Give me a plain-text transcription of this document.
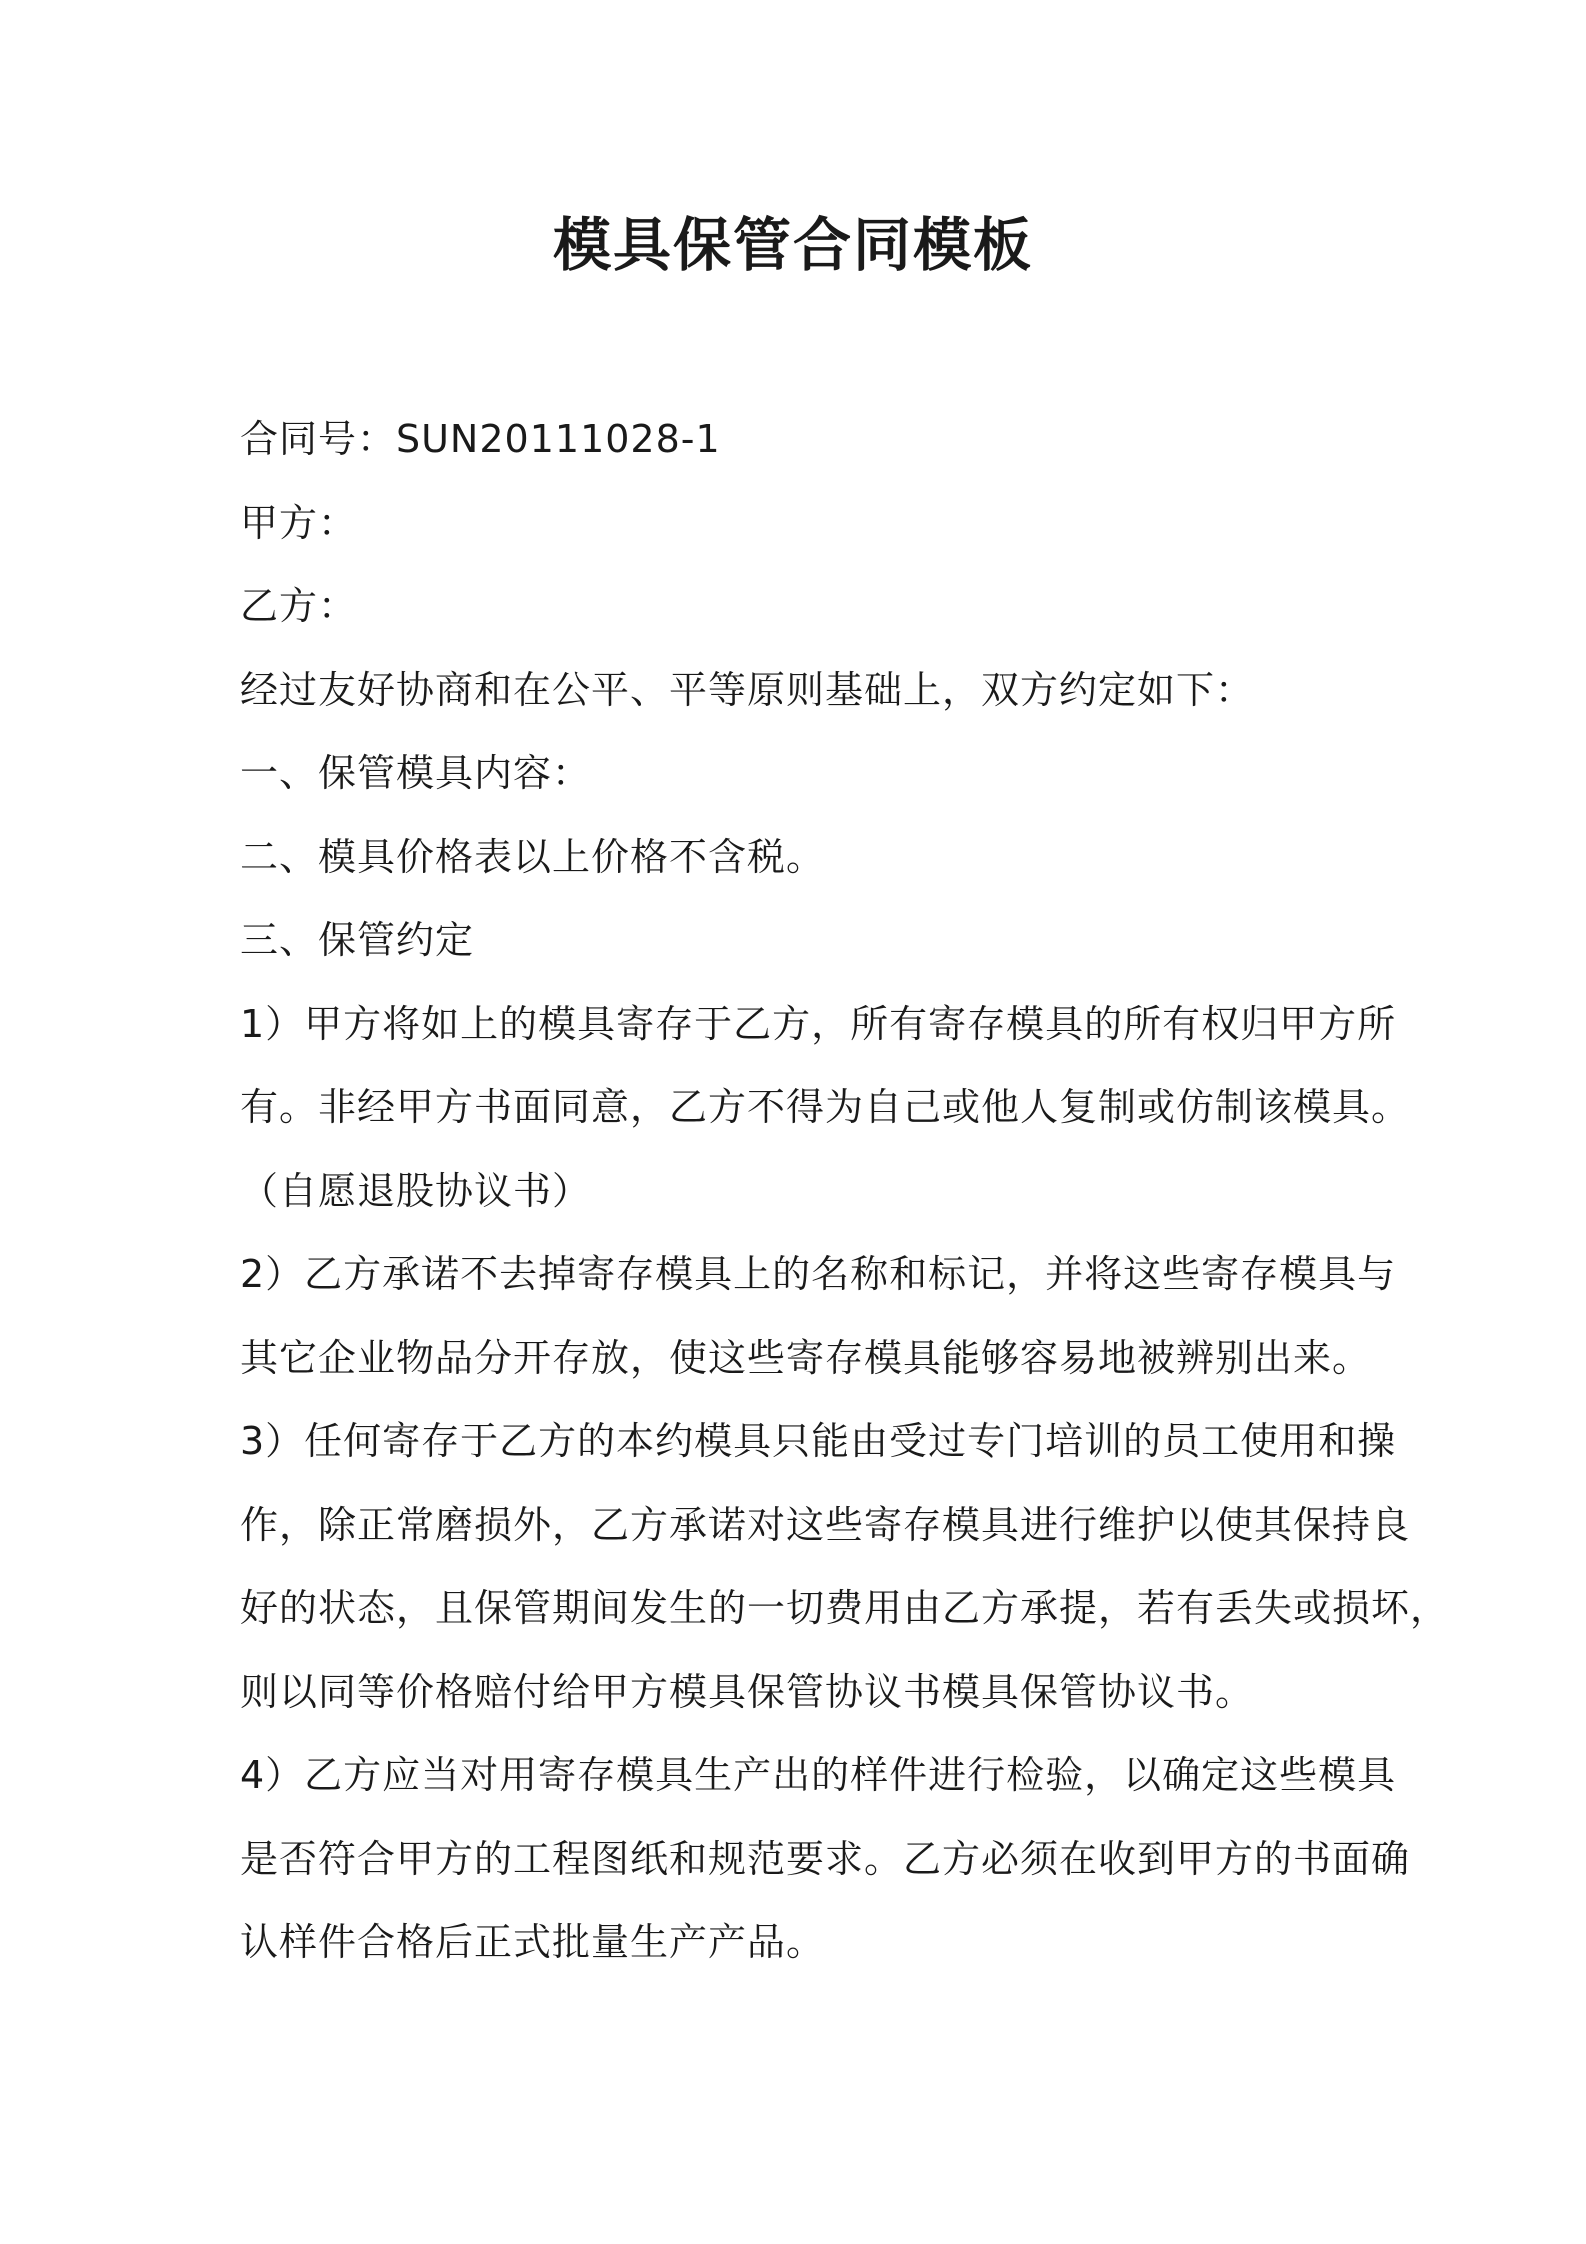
模具保管合同模板

合同号：SUN20111028-1

甲方：

乙方：

经过友好协商和在公平、平等原则基础上，双方约定如下：

一、保管模具内容：

二、模具价格表以上价格不含税。

三、保管约定

1）甲方将如上的模具寄存于乙方，所有寄存模具的所有权归甲方所

有。非经甲方书面同意，乙方不得为自己或他人复制或仿制该模具。

（自愿退股协议书）

2）乙方承诺不去掉寄存模具上的名称和标记，并将这些寄存模具与

其它企业物品分开存放，使这些寄存模具能够容易地被辨别出来。

3）任何寄存于乙方的本约模具只能由受过专门培训的员工使用和操

作，除正常磨损外，乙方承诺对这些寄存模具进行维护以使其保持良

好的状态，且保管期间发生的一切费用由乙方承提，若有丢失或损坏，

则以同等价格赔付给甲方模具保管协议书模具保管协议书。

4）乙方应当对用寄存模具生产出的样件进行检验，以确定这些模具

是否符合甲方的工程图纸和规范要求。乙方必须在收到甲方的书面确

认样件合格后正式批量生产产品。
